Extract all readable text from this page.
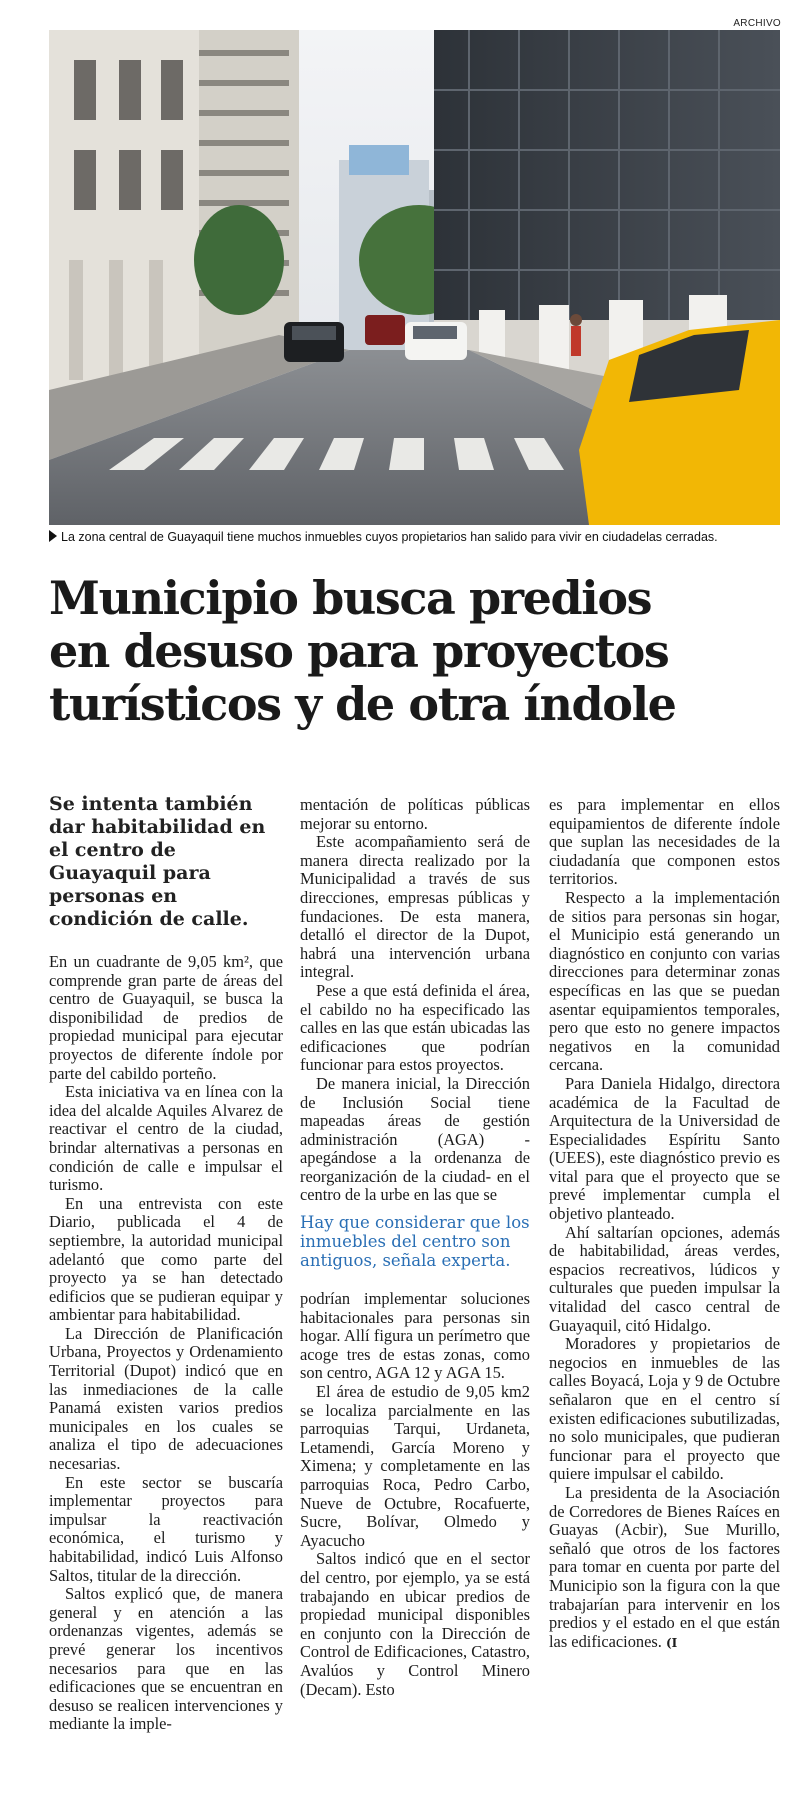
ARCHIVO
La zona central de Guayaquil tiene muchos inmuebles cuyos propietarios han salido para vivir en ciudadelas cerradas.
Municipio busca predios
en desuso para proyectos
turísticos y de otra índole
Se intenta también dar habitabilidad en el centro de Guayaquil para personas en condición de calle.

En un cuadrante de 9,05 km², que comprende gran parte de áreas del centro de Guayaquil, se busca la disponibilidad de predios de propiedad municipal para ejecutar proyectos de diferente índole por parte del cabildo porteño.

Esta iniciativa va en línea con la idea del alcalde Aquiles Alvarez de reactivar el centro de la ciudad, brindar alternativas a personas en condición de calle e impulsar el turismo.

En una entrevista con este Diario, publicada el 4 de septiembre, la autoridad municipal adelantó que como parte del proyecto ya se han detectado edificios que se pudieran equipar y ambientar para habitabilidad.

La Dirección de Planificación Urbana, Proyectos y Ordenamiento Territorial (Dupot) indicó que en las inmediaciones de la calle Panamá existen varios predios municipales en los cuales se analiza el tipo de adecuaciones necesarias.

En este sector se buscaría implementar proyectos para impulsar la reactivación económica, el turismo y habitabilidad, indicó Luis Alfonso Saltos, titular de la dirección.

Saltos explicó que, de manera general y en atención a las ordenanzas vigentes, además se prevé generar los incentivos necesarios para que en las edificaciones que se encuentran en desuso se realicen intervenciones y mediante la imple-

mentación de políticas públicas mejorar su entorno.

Este acompañamiento será de manera directa realizado por la Municipalidad a través de sus direcciones, empresas públicas y fundaciones. De esta manera, detalló el director de la Dupot, habrá una intervención urbana integral.

Pese a que está definida el área, el cabildo no ha especificado las calles en las que están ubicadas las edificaciones que podrían funcionar para estos proyectos.

De manera inicial, la Dirección de Inclusión Social tiene mapeadas áreas de gestión administración (AGA) -apegándose a la ordenanza de reorganización de la ciudad- en el centro de la urbe en las que se

Hay que considerar que los inmuebles del centro son antiguos, señala experta.

podrían implementar soluciones habitacionales para personas sin hogar. Allí figura un perímetro que acoge tres de estas zonas, como son centro, AGA 12 y AGA 15.

El área de estudio de 9,05 km2 se localiza parcialmente en las parroquias Tarqui, Urdaneta, Letamendi, García Moreno y Ximena; y completamente en las parroquias Roca, Pedro Carbo, Nueve de Octubre, Rocafuerte, Sucre, Bolívar, Olmedo y Ayacucho

Saltos indicó que en el sector del centro, por ejemplo, ya se está trabajando en ubicar predios de propiedad municipal disponibles en conjunto con la Dirección de Control de Edificaciones, Catastro, Avalúos y Control Minero (Decam). Esto

es para implementar en ellos equipamientos de diferente índole que suplan las necesidades de la ciudadanía que componen estos territorios.

Respecto a la implementación de sitios para personas sin hogar, el Municipio está generando un diagnóstico en conjunto con varias direcciones para determinar zonas específicas en las que se puedan asentar equipamientos temporales, pero que esto no genere impactos negativos en la comunidad cercana.

Para Daniela Hidalgo, directora académica de la Facultad de Arquitectura de la Universidad de Especialidades Espíritu Santo (UEES), este diagnóstico previo es vital para que el proyecto que se prevé implementar cumpla el objetivo planteado.

Ahí saltarían opciones, además de habitabilidad, áreas verdes, espacios recreativos, lúdicos y culturales que pueden impulsar la vitalidad del casco central de Guayaquil, citó Hidalgo.

Moradores y propietarios de negocios en inmuebles de las calles Boyacá, Loja y 9 de Octubre señalaron que en el centro sí existen edificaciones subutilizadas, no solo municipales, que pudieran funcionar para el proyecto que quiere impulsar el cabildo.

La presidenta de la Asociación de Corredores de Bienes Raíces en Guayas (Acbir), Sue Murillo, señaló que otros de los factores para tomar en cuenta por parte del Municipio son la figura con la que trabajarían para intervenir en los predios y el estado en el que están las edificaciones. (I
